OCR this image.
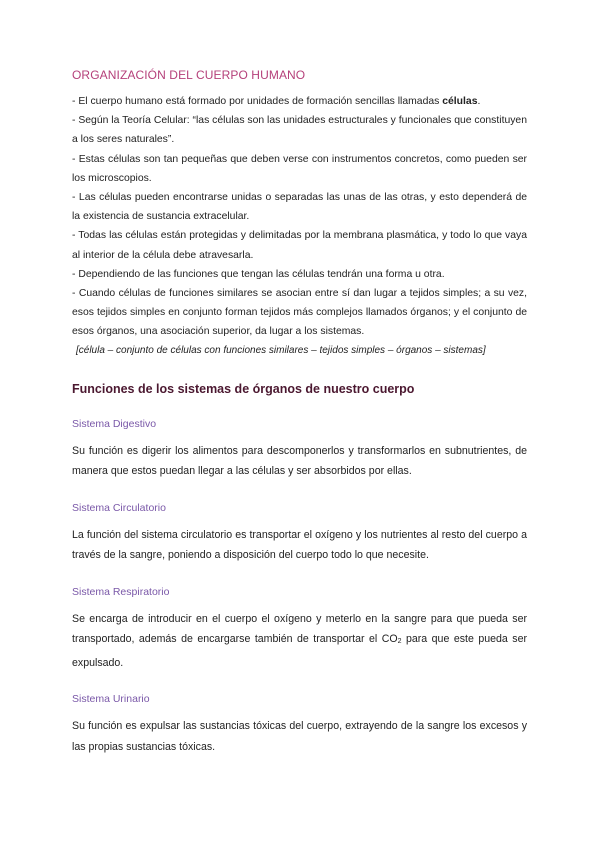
ORGANIZACIÓN DEL CUERPO HUMANO

- El cuerpo humano está formado por unidades de formación sencillas llamadas células.

- Según la Teoría Celular: “las células son las unidades estructurales y funcionales que constituyen a los seres naturales”.

- Estas células son tan pequeñas que deben verse con instrumentos concretos, como pueden ser los microscopios.

- Las células pueden encontrarse unidas o separadas las unas de las otras, y esto dependerá de la existencia de sustancia extracelular.

- Todas las células están protegidas y delimitadas por la membrana plasmática, y todo lo que vaya al interior de la célula debe atravesarla.

- Dependiendo de las funciones que tengan las células tendrán una forma u otra.

- Cuando células de funciones similares se asocian entre sí dan lugar a tejidos simples; a su vez, esos tejidos simples en conjunto forman tejidos más complejos llamados órganos; y el conjunto de esos órganos, una asociación superior, da lugar a los sistemas.

[célula – conjunto de células con funciones similares – tejidos simples – órganos – sistemas]

Funciones de los sistemas de órganos de nuestro cuerpo

Sistema Digestivo

Su función es digerir los alimentos para descomponerlos y transformarlos en subnutrientes, de manera que estos puedan llegar a las células y ser absorbidos por ellas.

Sistema Circulatorio

La función del sistema circulatorio es transportar el oxígeno y los nutrientes al resto del cuerpo a través de la sangre, poniendo a disposición del cuerpo todo lo que necesite.

Sistema Respiratorio

Se encarga de introducir en el cuerpo el oxígeno y meterlo en la sangre para que pueda ser transportado, además de encargarse también de transportar el CO2 para que este pueda ser expulsado.

Sistema Urinario

Su función es expulsar las sustancias tóxicas del cuerpo, extrayendo de la sangre los excesos y las propias sustancias tóxicas.
